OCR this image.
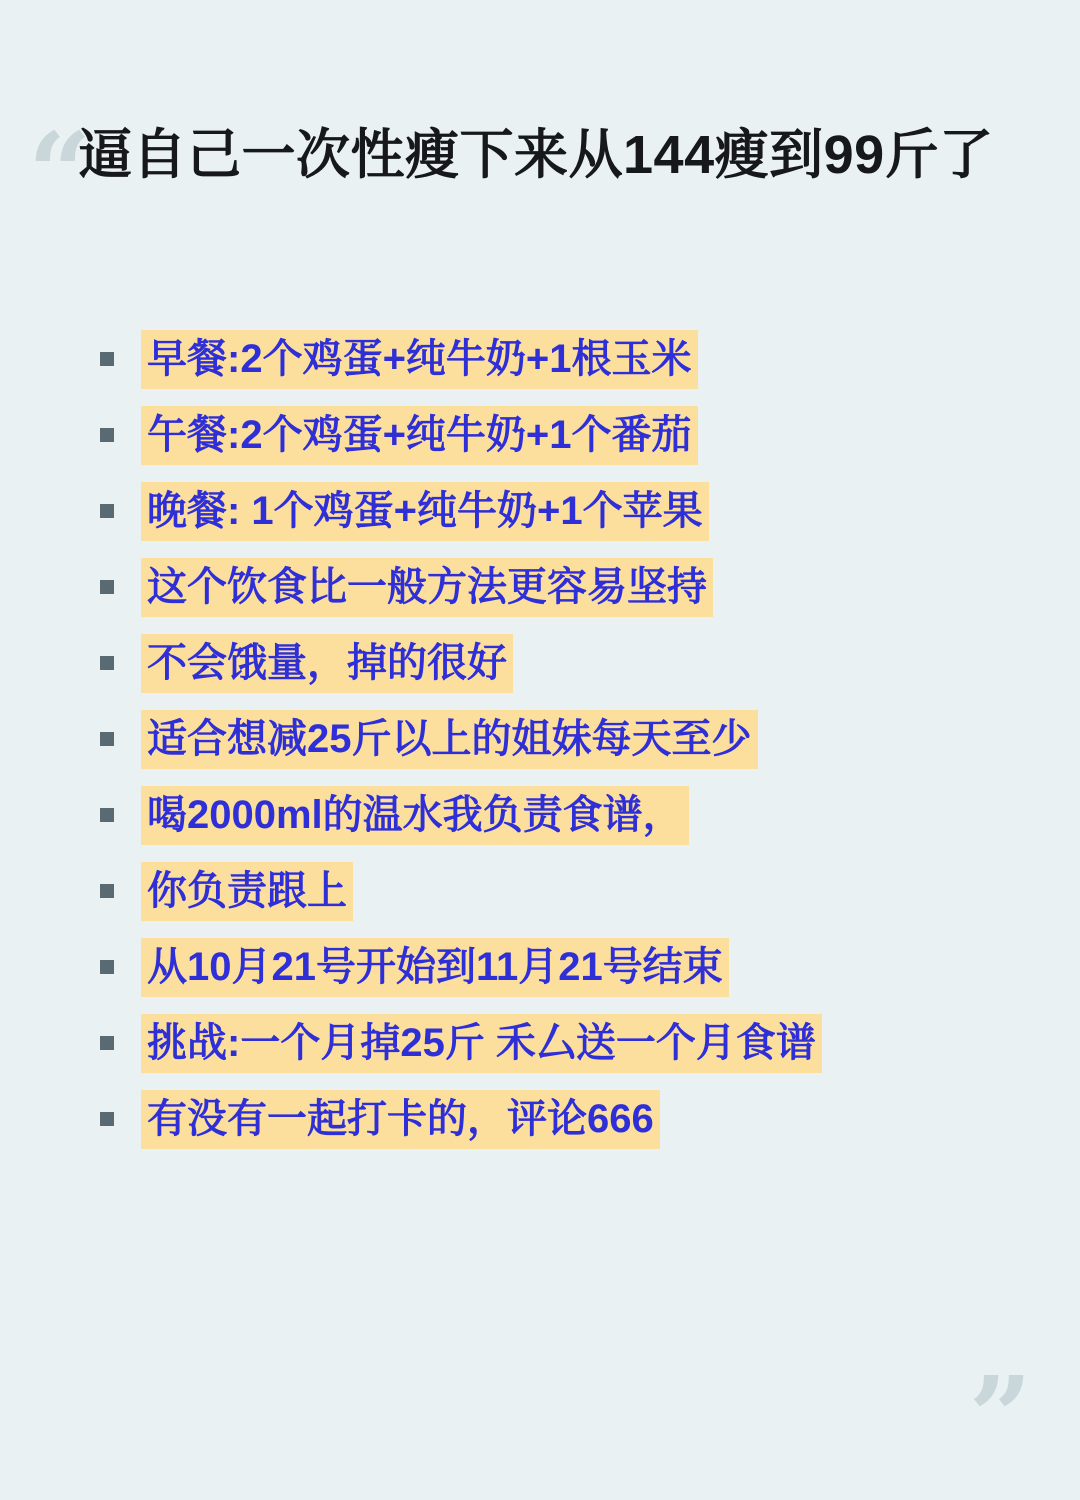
“
逼自己一次性瘦下来从144瘦到99斤了
早餐:2个鸡蛋+纯牛奶+1根玉米
午餐:2个鸡蛋+纯牛奶+1个番茄
晚餐: 1个鸡蛋+纯牛奶+1个苹果
这个饮食比一般方法更容易坚持
不会饿量，掉的很好
适合想减25斤以上的姐妹每天至少
喝2000ml的温水我负责食谱，
你负责跟上
从10月21号开始到11月21号结束
挑战:一个月掉25斤 禾厶送一个月食谱
有没有一起打卡的，评论666
”
